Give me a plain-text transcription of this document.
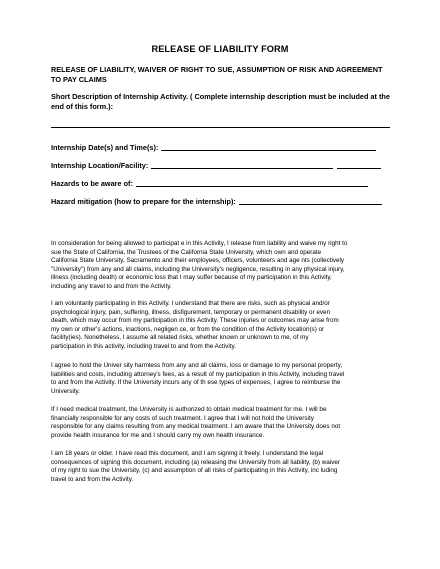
RELEASE OF LIABILITY FORM
RELEASE OF LIABILITY, WAIVER OF RIGHT TO SUE, ASSUMPTION OF RISK AND AGREEMENT
TO PAY CLAIMS
Short Description of Internship Activity. ( Complete internship description must be included at the
end of this form.):
Internship Date(s) and Time(s):
Internship Location/Facility:
Hazards to be aware of:
Hazard mitigation (how to prepare for the internship):
In consideration for being allowed to participat e in this Activity, I release from liability and waive my right to
sue the State of California, the Trustees of the California State University, which own and operate
California State University, Sacramento and their employees, officers, volunteers and age nts (collectively
"University") from any and all claims, including the University's negligence, resulting in any physical injury,
illness (including death) or economic loss that I may suffer because of my participation in this Activity,
including any travel to and from the Activity.
I am voluntarily participating in this Activity. I understand that there are risks, such as physical and/or
psychological injury, pain, suffering, illness, disfigurement, temporary or permanent disability or even
death, which may occur from my participation in this Activity. These injuries or outcomes may arise from
my own or other's actions, inactions, negligen ce, or from the condition of the Activity location(s) or
facility(ies). Nonetheless, I assume all related risks, whether known or unknown to me, of my
participation in this activity, including travel to and from the Activity.
I agree to hold the Univer sity harmless from any and all claims, loss or damage to my personal property,
liabilities and costs, including attorney's fees, as a result of my participation in this Activity, including travel
to and from the Activity. If the University incurs any of th ese types of expenses, I agree to reimburse the
University.
If I need medical treatment, the University is authorized to obtain medical treatment for me. I will be
financially responsible for any costs of such treatment. I agree that I will not hold the University
responsible for any claims resulting from any medical treatment. I am aware that the University does not
provide health insurance for me and I should carry my own health insurance.
I am 18 years or older. I have read this document, and I am signing it freely. I understand the legal
consequences of signing this document, including (a) releasing the University from all liability, (b) waiver
of my right to sue the University, (c) and assumption of all risks of participating in this Activity, inc luding
travel to and from the Activity.
